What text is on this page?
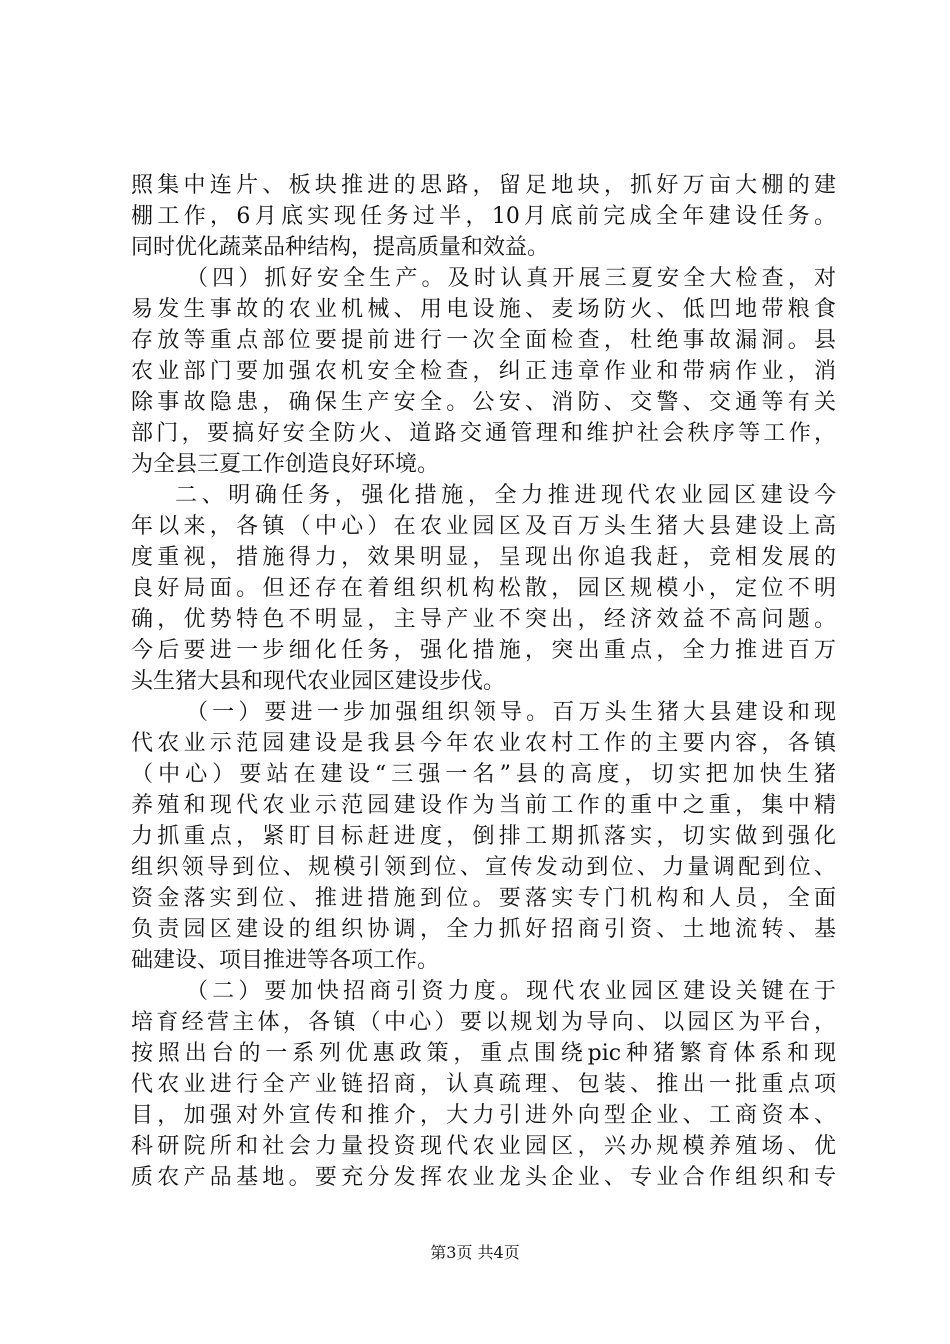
照集中连片、板块推进的思路，留足地块，抓好万亩大棚的建
棚工作，6月底实现任务过半，10月底前完成全年建设任务。
同时优化蔬菜品种结构，提高质量和效益。
（四）抓好安全生产。及时认真开展三夏安全大检查，对
易发生事故的农业机械、用电设施、麦场防火、低凹地带粮食
存放等重点部位要提前进行一次全面检查，杜绝事故漏洞。县
农业部门要加强农机安全检查，纠正违章作业和带病作业，消
除事故隐患，确保生产安全。公安、消防、交警、交通等有关
部门，要搞好安全防火、道路交通管理和维护社会秩序等工作，
为全县三夏工作创造良好环境。
二、明确任务，强化措施，全力推进现代农业园区建设今
年以来，各镇（中心）在农业园区及百万头生猪大县建设上高
度重视，措施得力，效果明显，呈现出你追我赶，竞相发展的
良好局面。但还存在着组织机构松散，园区规模小，定位不明
确，优势特色不明显，主导产业不突出，经济效益不高问题。
今后要进一步细化任务，强化措施，突出重点，全力推进百万
头生猪大县和现代农业园区建设步伐。
（一）要进一步加强组织领导。百万头生猪大县建设和现
代农业示范园建设是我县今年农业农村工作的主要内容，各镇
（中心）要站在建设“三强一名”县的高度，切实把加快生猪
养殖和现代农业示范园建设作为当前工作的重中之重，集中精
力抓重点，紧盯目标赶进度，倒排工期抓落实，切实做到强化
组织领导到位、规模引领到位、宣传发动到位、力量调配到位、
资金落实到位、推进措施到位。要落实专门机构和人员，全面
负责园区建设的组织协调，全力抓好招商引资、土地流转、基
础建设、项目推进等各项工作。
（二）要加快招商引资力度。现代农业园区建设关键在于
培育经营主体，各镇（中心）要以规划为导向、以园区为平台，
按照出台的一系列优惠政策，重点围绕pic种猪繁育体系和现
代农业进行全产业链招商，认真疏理、包装、推出一批重点项
目，加强对外宣传和推介，大力引进外向型企业、工商资本、
科研院所和社会力量投资现代农业园区，兴办规模养殖场、优
质农产品基地。要充分发挥农业龙头企业、专业合作组织和专
第3页 共4页
